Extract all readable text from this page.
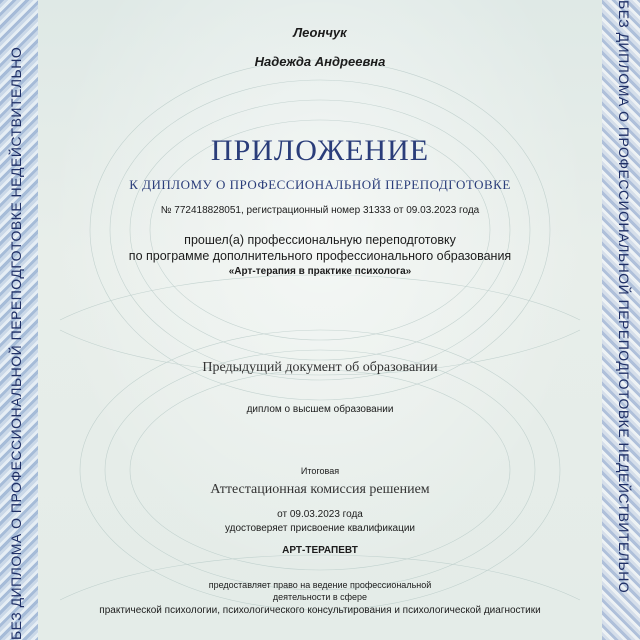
БЕЗ ДИПЛОМА О ПРОФЕССИОНАЛЬНОЙ ПЕРЕПОДГОТОВКЕ НЕДЕЙСТВИТЕЛЬНО	БЕЗ ДИПЛОМА О ПРОФЕССИОНАЛЬНОЙ ПЕРЕПОДГОТОВКЕ НЕДЕЙСТВИТЕЛЬНО
Леончук
Надежда Андреевна
ПРИЛОЖЕНИЕ
К ДИПЛОМУ О ПРОФЕССИОНАЛЬНОЙ ПЕРЕПОДГОТОВКЕ
№ 772418828051, регистрационный номер 31333 от 09.03.2023 года
прошел(а) профессиональную переподготовку
по программе дополнительного профессионального образования
«Арт-терапия в практике психолога»
Предыдущий документ об образовании
диплом о высшем образовании
Итоговая
Аттестационная комиссия решением
от 09.03.2023 года
удостоверяет присвоение квалификации
АРТ-ТЕРАПЕВТ
предоставляет право на ведение профессиональной
деятельности в сфере
практической психологии, психологического консультирования и психологической диагностики
